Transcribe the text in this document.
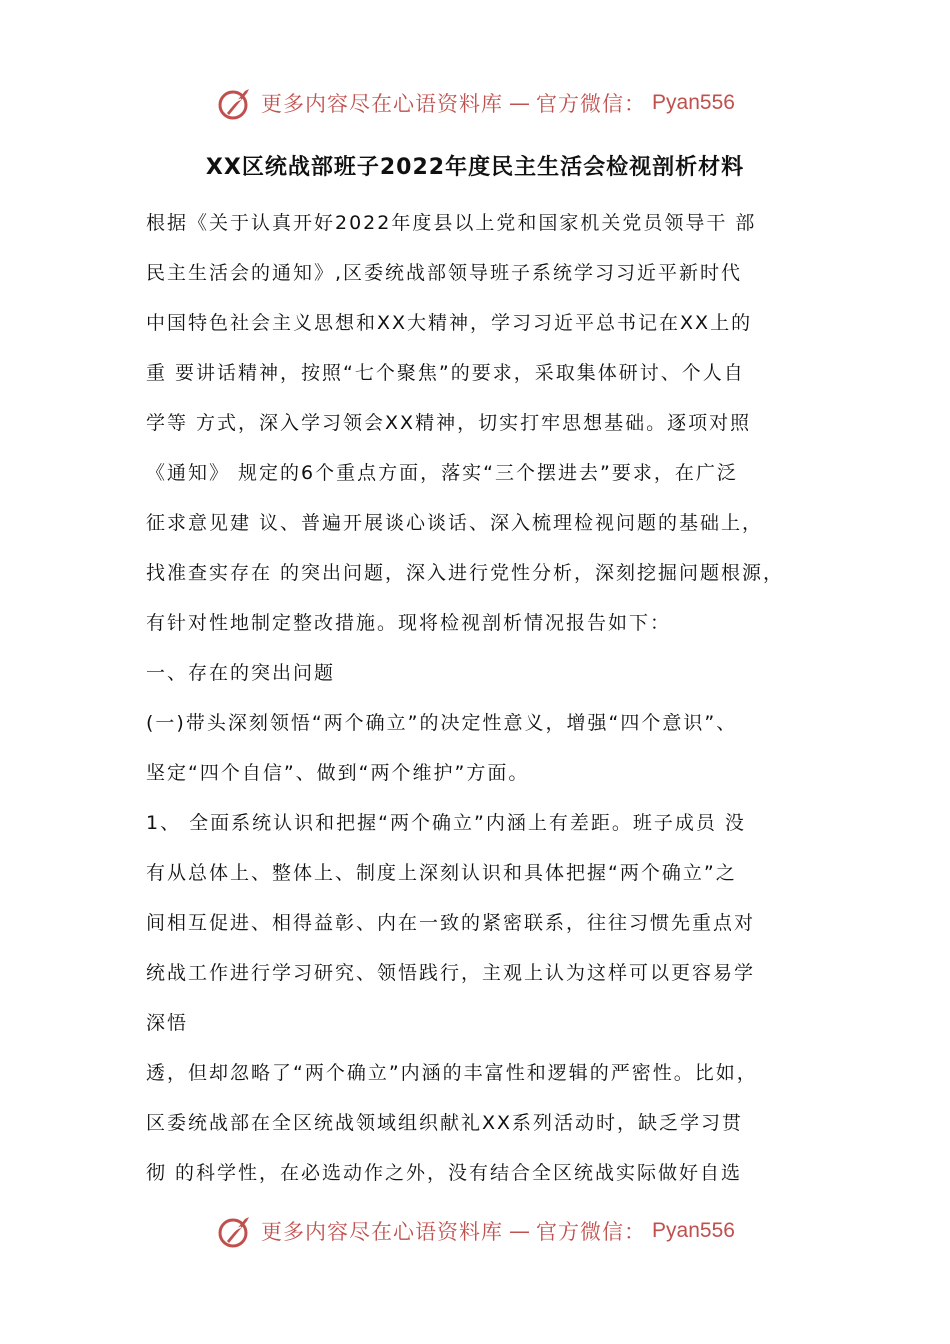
更多内容尽在心语资料库 — 官方微信： Pyan556
XX区统战部班子2022年度民主生活会检视剖析材料
根据《关于认真开好2022年度县以上党和国家机关党员领导干 部
民主生活会的通知》,区委统战部领导班子系统学习习近平新时代
中国特色社会主义思想和XX大精神，学习习近平总书记在XX上的
重 要讲话精神，按照“七个聚焦”的要求，采取集体研讨、个人自
学等 方式，深入学习领会XX精神，切实打牢思想基础。逐项对照
《通知》 规定的6个重点方面，落实“三个摆进去”要求，在广泛
征求意见建 议、普遍开展谈心谈话、深入梳理检视问题的基础上，
找准查实存在 的突出问题，深入进行党性分析，深刻挖掘问题根源，
有针对性地制定整改措施。现将检视剖析情况报告如下：
一、存在的突出问题
(一)带头深刻领悟“两个确立”的决定性意义，增强“四个意识”、
坚定“四个自信”、做到“两个维护”方面。
1、 全面系统认识和把握“两个确立”内涵上有差距。班子成员 没
有从总体上、整体上、制度上深刻认识和具体把握“两个确立”之
间相互促进、相得益彰、内在一致的紧密联系，往往习惯先重点对
统战工作进行学习研究、领悟践行，主观上认为这样可以更容易学
深悟
透，但却忽略了“两个确立”内涵的丰富性和逻辑的严密性。比如，
区委统战部在全区统战领域组织献礼XX系列活动时，缺乏学习贯
彻 的科学性，在必选动作之外，没有结合全区统战实际做好自选
更多内容尽在心语资料库 — 官方微信： Pyan556
